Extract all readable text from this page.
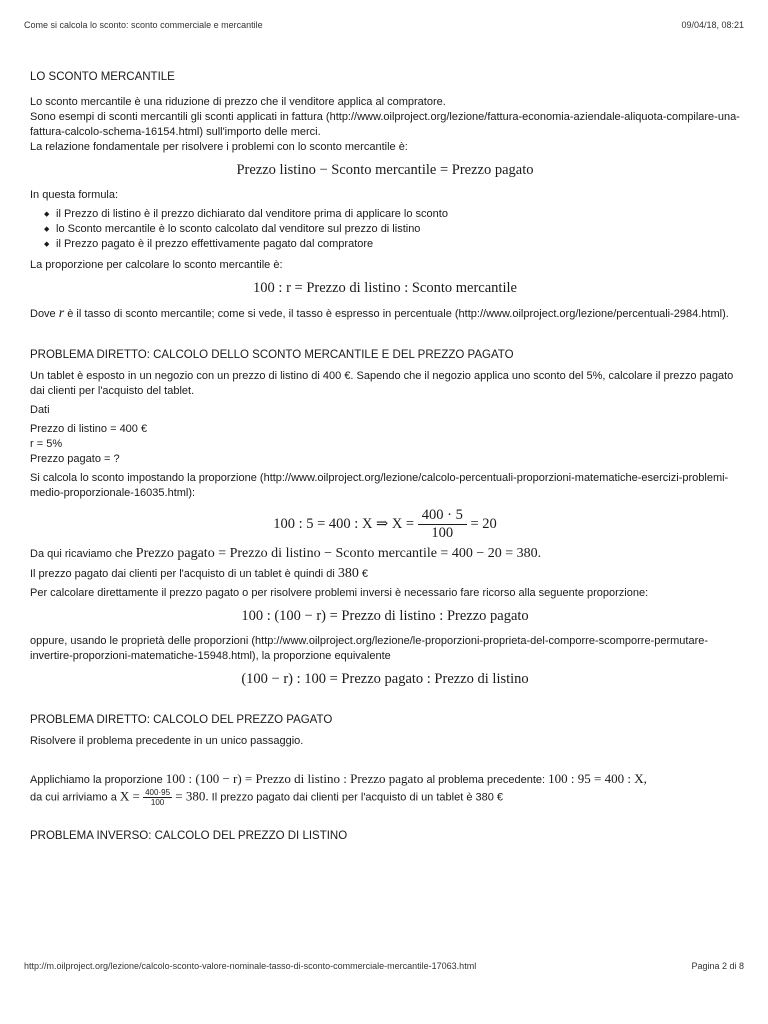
Come si calcola lo sconto: sconto commerciale e mercantile	09/04/18, 08:21

LO SCONTO MERCANTILE

Lo sconto mercantile è una riduzione di prezzo che il venditore applica al compratore.

Sono esempi di sconti mercantili gli sconti applicati in fattura (http://www.oilproject.org/lezione/fattura-economia-aziendale-aliquota-compilare-una-fattura-calcolo-schema-16154.html) sull'importo delle merci.

La relazione fondamentale per risolvere i problemi con lo sconto mercantile è:

Prezzo listino − Sconto mercantile = Prezzo pagato

In questa formula:

◆ il Prezzo di listino è il prezzo dichiarato dal venditore prima di applicare lo sconto
◆ lo Sconto mercantile è lo sconto calcolato dal venditore sul prezzo di listino
◆ il Prezzo pagato è il prezzo effettivamente pagato dal compratore

La proporzione per calcolare lo sconto mercantile è:

100 : r = Prezzo di listino : Sconto mercantile

Dove r è il tasso di sconto mercantile; come si vede, il tasso è espresso in percentuale (http://www.oilproject.org/lezione/percentuali-2984.html).

PROBLEMA DIRETTO: CALCOLO DELLO SCONTO MERCANTILE E DEL PREZZO PAGATO

Un tablet è esposto in un negozio con un prezzo di listino di 400 €. Sapendo che il negozio applica uno sconto del 5%, calcolare il prezzo pagato dai clienti per l'acquisto del tablet.

Dati

Prezzo di listino = 400 €

r = 5%

Prezzo pagato = ?

Si calcola lo sconto impostando la proporzione (http://www.oilproject.org/lezione/calcolo-percentuali-proporzioni-matematiche-esercizi-problemi-medio-proporzionale-16035.html):

100 : 5 = 400 : X ⇒ $X = \frac{400 \cdot 5}{100} = 20$

Da qui ricaviamo che Prezzo pagato = Prezzo di listino − Sconto mercantile = 400 − 20 = 380.

Il prezzo pagato dai clienti per l'acquisto di un tablet è quindi di 380 €

Per calcolare direttamente il prezzo pagato o per risolvere problemi inversi è necessario fare ricorso alla seguente proporzione:

100 : (100 − r) = Prezzo di listino : Prezzo pagato

oppure, usando le proprietà delle proporzioni (http://www.oilproject.org/lezione/le-proporzioni-proprieta-del-comporre-scomporre-permutare-invertire-proporzioni-matematiche-15948.html), la proporzione equivalente

(100 − r) : 100 = Prezzo pagato : Prezzo di listino

PROBLEMA DIRETTO: CALCOLO DEL PREZZO PAGATO

Risolvere il problema precedente in un unico passaggio.

Applichiamo la proporzione 100 : (100 − r) = Prezzo di listino : Prezzo pagato al problema precedente: 100 : 95 = 400 : X,

da cui arriviamo a $X = \frac{400\cdot 95}{100} = 380$. Il prezzo pagato dai clienti per l'acquisto di un tablet è 380 €

PROBLEMA INVERSO: CALCOLO DEL PREZZO DI LISTINO

http://m.oilproject.org/lezione/calcolo-sconto-valore-nominale-tasso-di-sconto-commerciale-mercantile-17063.html	Pagina 2 di 8
